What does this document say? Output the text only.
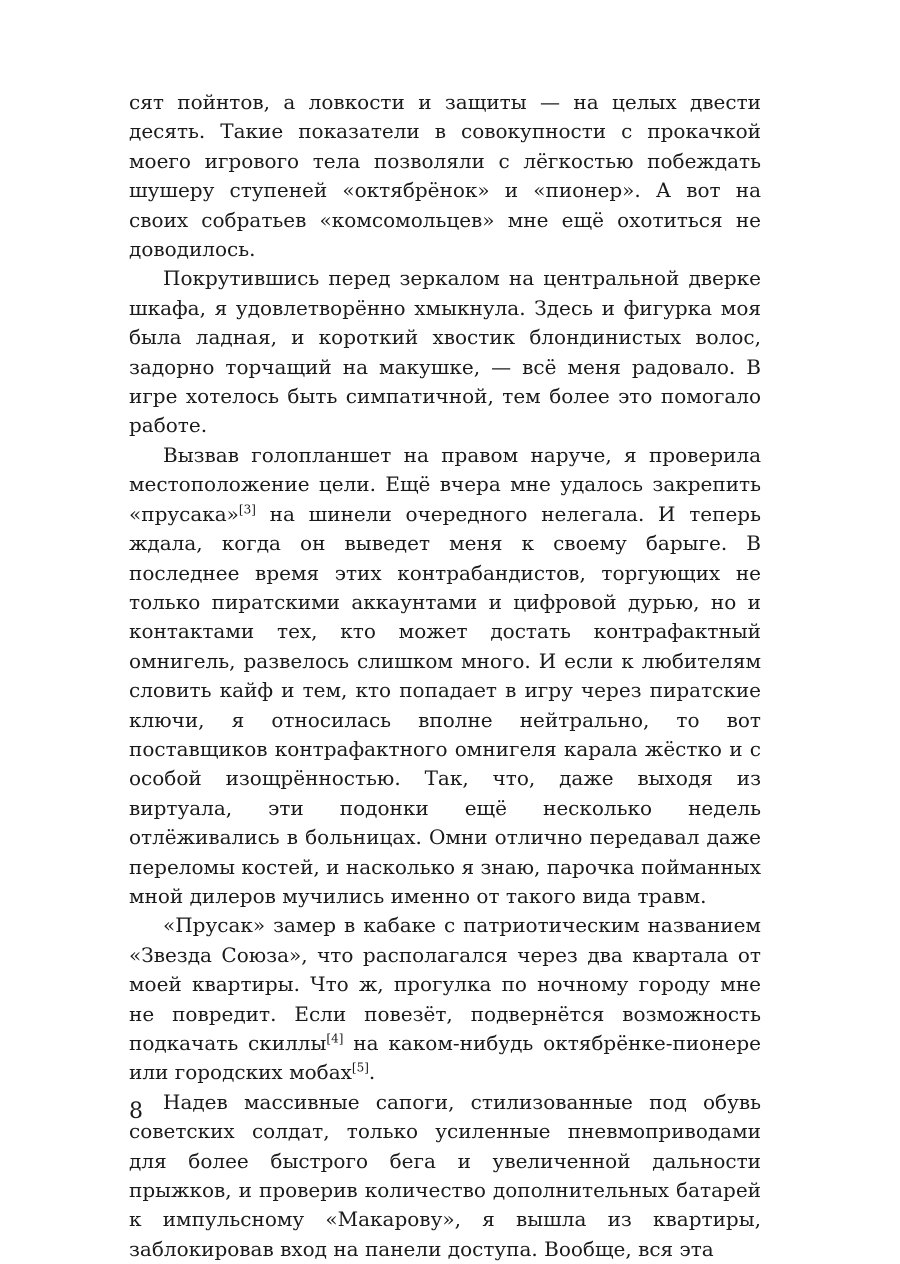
сят пойнтов, а ловкости и защиты — на целых двести десять. Такие показатели в совокупности с прокачкой моего игрового тела позволяли с лёгкостью побеждать шушеру ступеней «октябрёнок» и «пионер». А вот на своих собратьев «комсомольцев» мне ещё охотиться не доводилось.

Покрутившись перед зеркалом на центральной дверке шкафа, я удовлетворённо хмыкнула. Здесь и фигурка моя была ладная, и короткий хвостик блондинистых волос, задорно торчащий на макушке, — всё меня радовало. В игре хотелось быть симпатичной, тем более это помогало работе.

Вызвав голопланшет на правом наруче, я проверила местоположение цели. Ещё вчера мне удалось закрепить «прусака»[3] на шинели очередного нелегала. И теперь ждала, когда он выведет меня к своему барыге. В последнее время этих контрабандистов, торгующих не только пиратскими аккаунтами и цифровой дурью, но и контактами тех, кто может достать контрафактный омнигель, развелось слишком много. И если к любителям словить кайф и тем, кто попадает в игру через пиратские ключи, я относилась вполне нейтрально, то вот поставщиков контрафактного омнигеля карала жёстко и с особой изощрённостью. Так, что, даже выходя из виртуала, эти подонки ещё несколько недель отлёживались в больницах. Омни отлично передавал даже переломы костей, и насколько я знаю, парочка пойманных мной дилеров мучились именно от такого вида травм.

«Прусак» замер в кабаке с патриотическим названием «Звезда Союза», что располагался через два квартала от моей квартиры. Что ж, прогулка по ночному городу мне не повредит. Если повезёт, подвернётся возможность подкачать скиллы[4] на каком-нибудь октябрёнке-пионере или городских мобах[5].

Надев массивные сапоги, стилизованные под обувь советских солдат, только усиленные пневмоприводами для более быстрого бега и увеличенной дальности прыжков, и проверив количество дополнительных батарей к импульсному «Макарову», я вышла из квартиры, заблокировав вход на панели доступа. Вообще, вся эта

8
